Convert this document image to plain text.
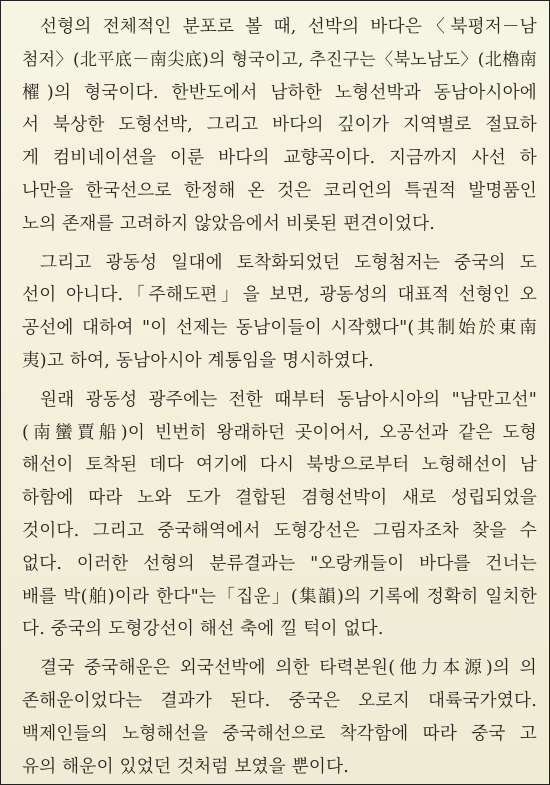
선형의 전체적인 분포로 볼 때, 선박의 바다은〈북평저－남
첨저〉(北平底－南尖底)의 형국이고, 추진구는〈북노남도〉(北櫓南
櫂)의 형국이다. 한반도에서 남하한 노형선박과 동남아시아에
서 북상한 도형선박, 그리고 바다의 깊이가 지역별로 절묘하
게 컴비네이션을 이룬 바다의 교향곡이다. 지금까지 사선 하
나만을 한국선으로 한정해 온 것은 코리언의 특권적 발명품인
노의 존재를 고려하지 않았음에서 비롯된 편견이었다.
그리고 광동성 일대에 토착화되었던 도형첨저는 중국의 도
선이 아니다.「주해도편」을 보면, 광동성의 대표적 선형인 오
공선에 대하여 "이 선제는 동남이들이 시작했다"(其制始於東南
夷)고 하여, 동남아시아 계통임을 명시하였다.
원래 광동성 광주에는 전한 때부터 동남아시아의 "남만고선"
(南蠻賈船)이 빈번히 왕래하던 곳이어서, 오공선과 같은 도형
해선이 토착된 데다 여기에 다시 북방으로부터 노형해선이 남
하함에 따라 노와 도가 결합된 겸형선박이 새로 성립되었을
것이다. 그리고 중국해역에서 도형강선은 그림자조차 찾을 수
없다. 이러한 선형의 분류결과는 "오랑캐들이 바다를 건너는
배를 박(舶)이라 한다"는「집운」(集韻)의 기록에 정확히 일치한
다. 중국의 도형강선이 해선 축에 낄 턱이 없다.
결국 중국해운은 외국선박에 의한 타력본원(他力本源)의 의
존해운이었다는 결과가 된다. 중국은 오로지 대륙국가였다.
백제인들의 노형해선을 중국해선으로 착각함에 따라 중국 고
유의 해운이 있었던 것처럼 보였을 뿐이다.
